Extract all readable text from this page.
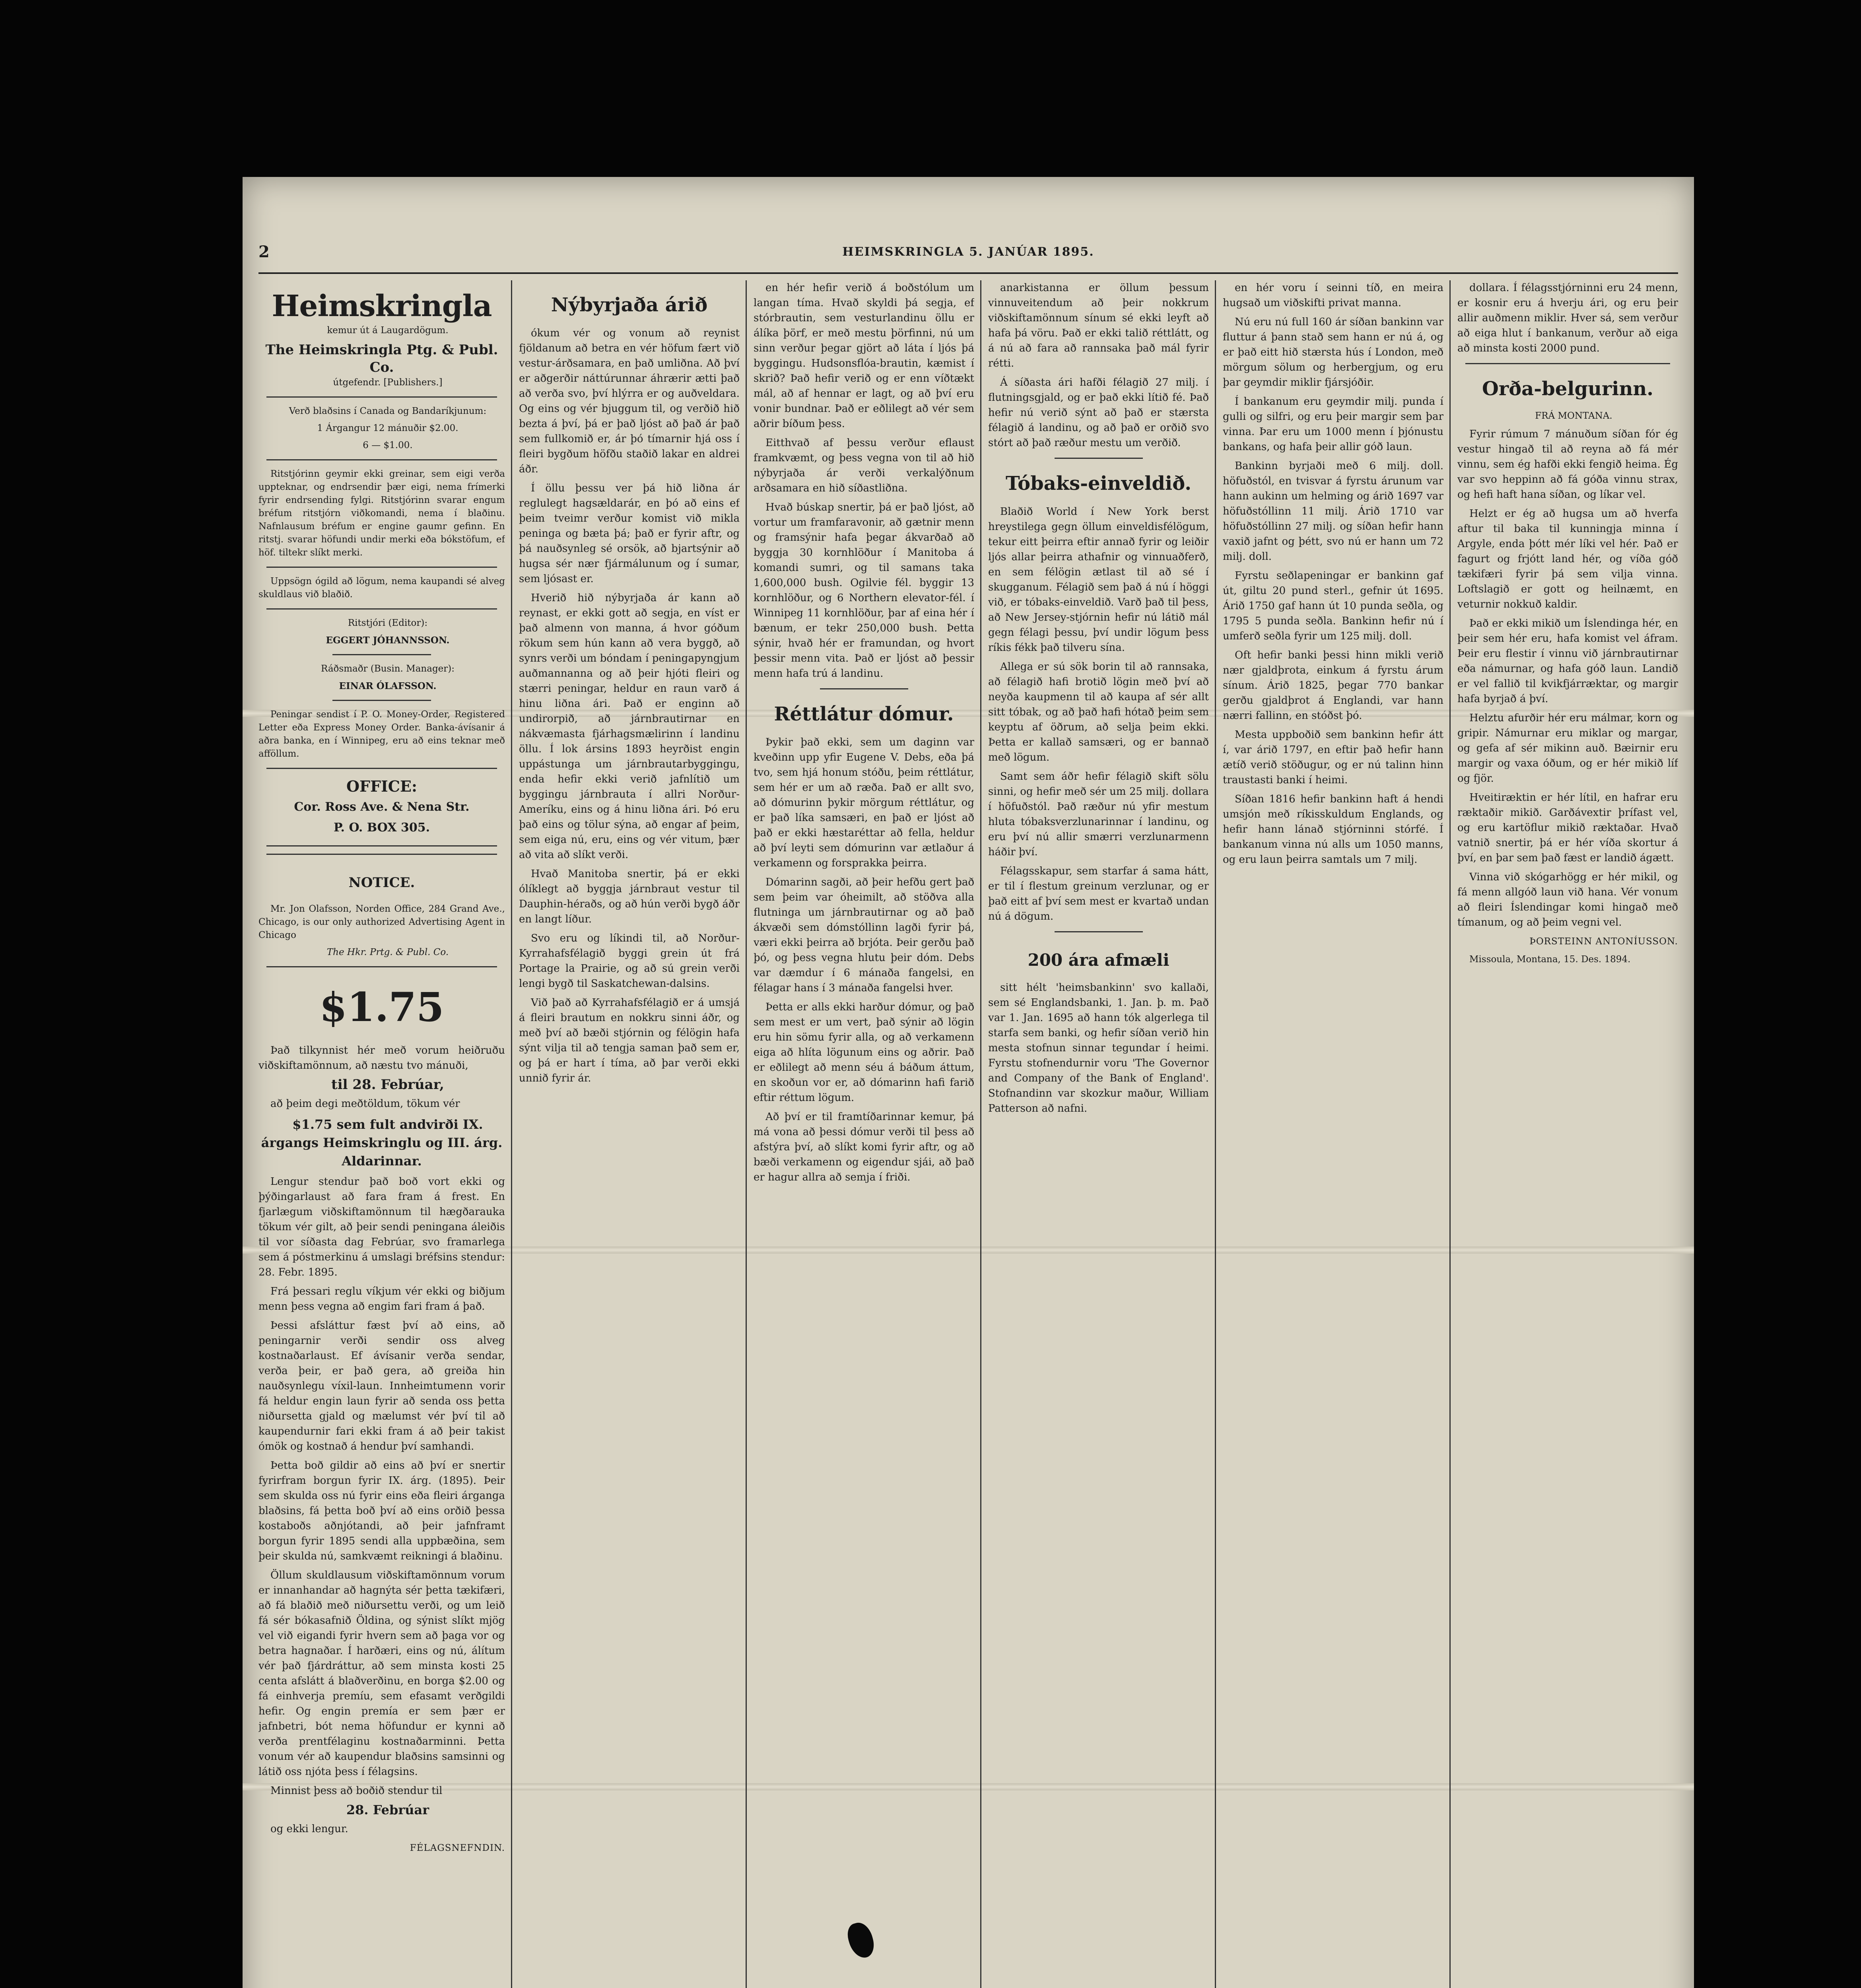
2	HEIMSKRINGLA 5. JANÚAR 1895.
Heimskringla

kemur út á Laugardögum.

The Heimskringla Ptg. & Publ. Co.

útgefendr. [Publishers.]

Verð blaðsins í Canada og Bandaríkjunum:

1 Árgangur 12 mánuðir $2.00.

6 — $1.00.

Ritstjórinn geymir ekki greinar, sem eigi verða uppteknar, og endrsendir þær eigi, nema frímerki fyrir endrsending fylgi. Ritstjórinn svarar engum bréfum ritstjórn viðkomandi, nema í blaðinu. Nafnlausum bréfum er engine gaumr gefinn. En ritstj. svarar höfundi undir merki eða bókstöfum, ef höf. tiltekr slíkt merki.

Uppsögn ógild að lögum, nema kaupandi sé alveg skuldlaus við blaðið.

Ritstjóri (Editor):

EGGERT JÓHANNSSON.

Ráðsmaðr (Busin. Manager):

EINAR ÓLAFSSON.

Peningar sendist í P. O. Money-Order, Registered Letter eða Express Money Order. Banka-ávísanir á aðra banka, en í Winnipeg, eru að eins teknar með afföllum.

OFFICE:
Cor. Ross Ave. & Nena Str.
P. O. BOX 305.
NOTICE.

Mr. Jon Olafsson, Norden Office, 284 Grand Ave., Chicago, is our only authorized Advertising Agent in Chicago

The Hkr. Prtg. & Publ. Co.

$1.75

Það tilkynnist hér með vorum heiðruðu viðskiftamönnum, að næstu tvo mánuði,

til 28. Febrúar,

að þeim degi meðtöldum, tökum vér

$1.75 sem fult andvirði IX. árgangs Heimskringlu og III. árg. Aldarinnar.

Lengur stendur það boð vort ekki og þýðingarlaust að fara fram á frest. En fjarlægum viðskiftamönnum til hægðarauka tökum vér gilt, að þeir sendi peningana áleiðis til vor síðasta dag Febrúar, svo framarlega sem á póstmerkinu á umslagi bréfsins stendur: 28. Febr. 1895.

Frá þessari reglu víkjum vér ekki og biðjum menn þess vegna að engim fari fram á það.

Þessi afsláttur fæst því að eins, að peningarnir verði sendir oss alveg kostnaðarlaust. Ef ávísanir verða sendar, verða þeir, er það gera, að greiða hin nauðsynlegu víxil-laun. Innheimtumenn vorir fá heldur engin laun fyrir að senda oss þetta niðursetta gjald og mælumst vér því til að kaupendurnir fari ekki fram á að þeir takist ómök og kostnað á hendur því samhandi.

Þetta boð gildir að eins að því er snertir fyrirfram borgun fyrir IX. árg. (1895). Þeir sem skulda oss nú fyrir eins eða fleiri árganga blaðsins, fá þetta boð því að eins orðið þessa kostaboðs aðnjótandi, að þeir jafnframt borgun fyrir 1895 sendi alla uppbæðina, sem þeir skulda nú, samkvæmt reikningi á blaðinu.

Öllum skuldlausum viðskiftamönnum vorum er innanhandar að hagnýta sér þetta tækifæri, að fá blaðið með niðursettu verði, og um leið fá sér bókasafnið Öldina, og sýnist slíkt mjög vel við eigandi fyrir hvern sem að þaga vor og betra hagnaðar. Í harðæri, eins og nú, álítum vér það fjárdráttur, að sem minsta kosti 25 centa afslátt á blaðverðinu, en borga $2.00 og fá einhverja premíu, sem efasamt verðgildi hefir. Og engin premía er sem þær er jafnbetri, bót nema höfundur er kynni að verða prentfélaginu kostnaðarminni. Þetta vonum vér að kaupendur blaðsins samsinni og látið oss njóta þess í félagsins.

Minnist þess að boðið stendur til

28. Febrúar

og ekki lengur.

FÉLAGSNEFNDIN.

Nýbyrjaða árið

ókum vér og vonum að reynist fjöldanum að betra en vér höfum fært við vestur-árðsamara, en það umliðna. Að því er aðgerðir náttúrunnar áhrærir ætti það að verða svo, því hlýrra er og auðveldara. Og eins og vér bjuggum til, og verðið hið bezta á því, þá er það ljóst að það ár það sem fullkomið er, ár þó tímarnir hjá oss í fleiri bygðum höfðu staðið lakar en aldrei áðr.

Í öllu þessu ver þá hið liðna ár reglulegt hagsældarár, en þó að eins ef þeim tveimr verður komist við mikla peninga og bæta þá; það er fyrir aftr, og þá nauðsynleg sé orsök, að bjartsýnir að hugsa sér nær fjármálunum og í sumar, sem ljósast er.

Hverið hið nýbyrjaða ár kann að reynast, er ekki gott að segja, en víst er það almenn von manna, á hvor góðum rökum sem hún kann að vera byggð, að synrs verði um bóndam í peningapyngjum auðmannanna og að þeir hjóti fleiri og stærri peningar, heldur en raun varð á hinu liðna ári. Það er enginn að undirorpið, að járnbrautirnar en nákvæmasta fjárhagsmælirinn í landinu öllu. Í lok ársins 1893 heyrðist engin uppástunga um járnbrautarbyggingu, enda hefir ekki verið jafnlítið um byggingu járnbrauta í allri Norður-Ameríku, eins og á hinu liðna ári. Þó eru það eins og tölur sýna, að engar af þeim, sem eiga nú, eru, eins og vér vitum, þær að vita að slíkt verði.

Hvað Manitoba snertir, þá er ekki ólíklegt að byggja járnbraut vestur til Dauphin-héraðs, og að hún verði bygð áðr en langt líður.

Svo eru og líkindi til, að Norður-Kyrrahafsfélagið byggi grein út frá Portage la Prairie, og að sú grein verði lengi bygð til Saskatchewan-dalsins.

Við það að Kyrrahafsfélagið er á umsjá á fleiri brautum en nokkru sinni áðr, og með því að bæði stjórnin og félögin hafa sýnt vilja til að tengja saman það sem er, og þá er hart í tíma, að þar verði ekki unnið fyrir ár.

en hér hefir verið á boðstólum um langan tíma. Hvað skyldi þá segja, ef stórbrautin, sem vesturlandinu öllu er álíka þörf, er með mestu þörfinni, nú um sinn verður þegar gjört að láta í ljós þá byggingu. Hudsonsflóa-brautin, kæmist í skrið? Það hefir verið og er enn víðtækt mál, að af hennar er lagt, og að því eru vonir bundnar. Það er eðlilegt að vér sem aðrir bíðum þess.

Eitthvað af þessu verður eflaust framkvæmt, og þess vegna von til að hið nýbyrjaða ár verði verkalýðnum arðsamara en hið síðastliðna.

Hvað búskap snertir, þá er það ljóst, að vortur um framfaravonir, að gætnir menn og framsýnir hafa þegar ákvarðað að byggja 30 kornhlöður í Manitoba á komandi sumri, og til samans taka 1,600,000 bush. Ogilvie fél. byggir 13 kornhlöður, og 6 Northern elevator-fél. í Winnipeg 11 kornhlöður, þar af eina hér í bænum, er tekr 250,000 bush. Þetta sýnir, hvað hér er framundan, og hvort þessir menn vita. Það er ljóst að þessir menn hafa trú á landinu.

Réttlátur dómur.

Þykir það ekki, sem um daginn var kveðinn upp yfir Eugene V. Debs, eða þá tvo, sem hjá honum stóðu, þeim réttlátur, sem hér er um að ræða. Það er allt svo, að dómurinn þykir mörgum réttlátur, og er það líka samsæri, en það er ljóst að það er ekki hæstaréttar að fella, heldur að því leyti sem dómurinn var ætlaður á verkamenn og forsprakka þeirra.

Dómarinn sagði, að þeir hefðu gert það sem þeim var óheimilt, að stöðva alla flutninga um járnbrautirnar og að það ákvæði sem dómstóllinn lagði fyrir þá, væri ekki þeirra að brjóta. Þeir gerðu það þó, og þess vegna hlutu þeir dóm. Debs var dæmdur í 6 mánaða fangelsi, en félagar hans í 3 mánaða fangelsi hver.

Þetta er alls ekki harður dómur, og það sem mest er um vert, það sýnir að lögin eru hin sömu fyrir alla, og að verkamenn eiga að hlíta lögunum eins og aðrir. Það er eðlilegt að menn séu á báðum áttum, en skoðun vor er, að dómarinn hafi farið eftir réttum lögum.

Að því er til framtíðarinnar kemur, þá má vona að þessi dómur verði til þess að afstýra því, að slíkt komi fyrir aftr, og að bæði verkamenn og eigendur sjái, að það er hagur allra að semja í friði.

anarkistanna er öllum þessum vinnuveitendum að þeir nokkrum viðskiftamönnum sínum sé ekki leyft að hafa þá vöru. Það er ekki talið réttlátt, og á nú að fara að rannsaka það mál fyrir rétti.

Á síðasta ári hafði félagið 27 milj. í flutningsgjald, og er það ekki lítið fé. Það hefir nú verið sýnt að það er stærsta félagið á landinu, og að það er orðið svo stórt að það ræður mestu um verðið.

Tóbaks-einveldið.

Blaðið World í New York berst hreystilega gegn öllum einveldisfélögum, tekur eitt þeirra eftir annað fyrir og leiðir ljós allar þeirra athafnir og vinnuaðferð, en sem félögin ætlast til að sé í skugganum. Félagið sem það á nú í höggi við, er tóbaks-einveldið. Varð það til þess, að New Jersey-stjórnin hefir nú látið mál gegn félagi þessu, því undir lögum þess ríkis fékk það tilveru sína.

Allega er sú sök borin til að rannsaka, að félagið hafi brotið lögin með því að neyða kaupmenn til að kaupa af sér allt sitt tóbak, og að það hafi hótað þeim sem keyptu af öðrum, að selja þeim ekki. Þetta er kallað samsæri, og er bannað með lögum.

Samt sem áðr hefir félagið skift sölu sinni, og hefir með sér um 25 milj. dollara í höfuðstól. Það ræður nú yfir mestum hluta tóbaksverzlunarinnar í landinu, og eru því nú allir smærri verzlunarmenn háðir því.

Félagsskapur, sem starfar á sama hátt, er til í flestum greinum verzlunar, og er það eitt af því sem mest er kvartað undan nú á dögum.

200 ára afmæli

sitt hélt 'heimsbankinn' svo kallaði, sem sé Englandsbanki, 1. Jan. þ. m. Það var 1. Jan. 1695 að hann tók algerlega til starfa sem banki, og hefir síðan verið hin mesta stofnun sinnar tegundar í heimi. Fyrstu stofnendurnir voru 'The Governor and Company of the Bank of England'. Stofnandinn var skozkur maður, William Patterson að nafni.

en hér voru í seinni tíð, en meira hugsað um viðskifti privat manna.

Nú eru nú full 160 ár síðan bankinn var fluttur á þann stað sem hann er nú á, og er það eitt hið stærsta hús í London, með mörgum sölum og herbergjum, og eru þar geymdir miklir fjársjóðir.

Í bankanum eru geymdir milj. punda í gulli og silfri, og eru þeir margir sem þar vinna. Þar eru um 1000 menn í þjónustu bankans, og hafa þeir allir góð laun.

Bankinn byrjaði með 6 milj. doll. höfuðstól, en tvisvar á fyrstu árunum var hann aukinn um helming og árið 1697 var höfuðstóllinn 11 milj. Árið 1710 var höfuðstóllinn 27 milj. og síðan hefir hann vaxið jafnt og þétt, svo nú er hann um 72 milj. doll.

Fyrstu seðlapeningar er bankinn gaf út, giltu 20 pund sterl., gefnir út 1695. Árið 1750 gaf hann út 10 punda seðla, og 1795 5 punda seðla. Bankinn hefir nú í umferð seðla fyrir um 125 milj. doll.

Oft hefir banki þessi hinn mikli verið nær gjaldþrota, einkum á fyrstu árum sínum. Árið 1825, þegar 770 bankar gerðu gjaldþrot á Englandi, var hann nærri fallinn, en stóðst þó.

Mesta uppboðið sem bankinn hefir átt í, var árið 1797, en eftir það hefir hann ætíð verið stöðugur, og er nú talinn hinn traustasti banki í heimi.

Síðan 1816 hefir bankinn haft á hendi umsjón með ríkisskuldum Englands, og hefir hann lánað stjórninni stórfé. Í bankanum vinna nú alls um 1050 manns, og eru laun þeirra samtals um 7 milj.

dollara. Í félagsstjórninni eru 24 menn, er kosnir eru á hverju ári, og eru þeir allir auðmenn miklir. Hver sá, sem verður að eiga hlut í bankanum, verður að eiga að minsta kosti 2000 pund.

Orða-belgurinn.

FRÁ MONTANA.

Fyrir rúmum 7 mánuðum síðan fór ég vestur hingað til að reyna að fá mér vinnu, sem ég hafði ekki fengið heima. Ég var svo heppinn að fá góða vinnu strax, og hefi haft hana síðan, og líkar vel.

Helzt er ég að hugsa um að hverfa aftur til baka til kunningja minna í Argyle, enda þótt mér líki vel hér. Það er fagurt og frjótt land hér, og víða góð tækifæri fyrir þá sem vilja vinna. Loftslagið er gott og heilnæmt, en veturnir nokkuð kaldir.

Það er ekki mikið um Íslendinga hér, en þeir sem hér eru, hafa komist vel áfram. Þeir eru flestir í vinnu við járnbrautirnar eða námurnar, og hafa góð laun. Landið er vel fallið til kvikfjárræktar, og margir hafa byrjað á því.

Helztu afurðir hér eru málmar, korn og gripir. Námurnar eru miklar og margar, og gefa af sér mikinn auð. Bæirnir eru margir og vaxa óðum, og er hér mikið líf og fjör.

Hveitiræktin er hér lítil, en hafrar eru ræktaðir mikið. Garðávextir þrífast vel, og eru kartöflur mikið ræktaðar. Hvað vatnið snertir, þá er hér víða skortur á því, en þar sem það fæst er landið ágætt.

Vinna við skógarhögg er hér mikil, og fá menn allgóð laun við hana. Vér vonum að fleiri Íslendingar komi hingað með tímanum, og að þeim vegni vel.

ÞORSTEINN ANTONÍUSSON.

Missoula, Montana, 15. Des. 1894.
